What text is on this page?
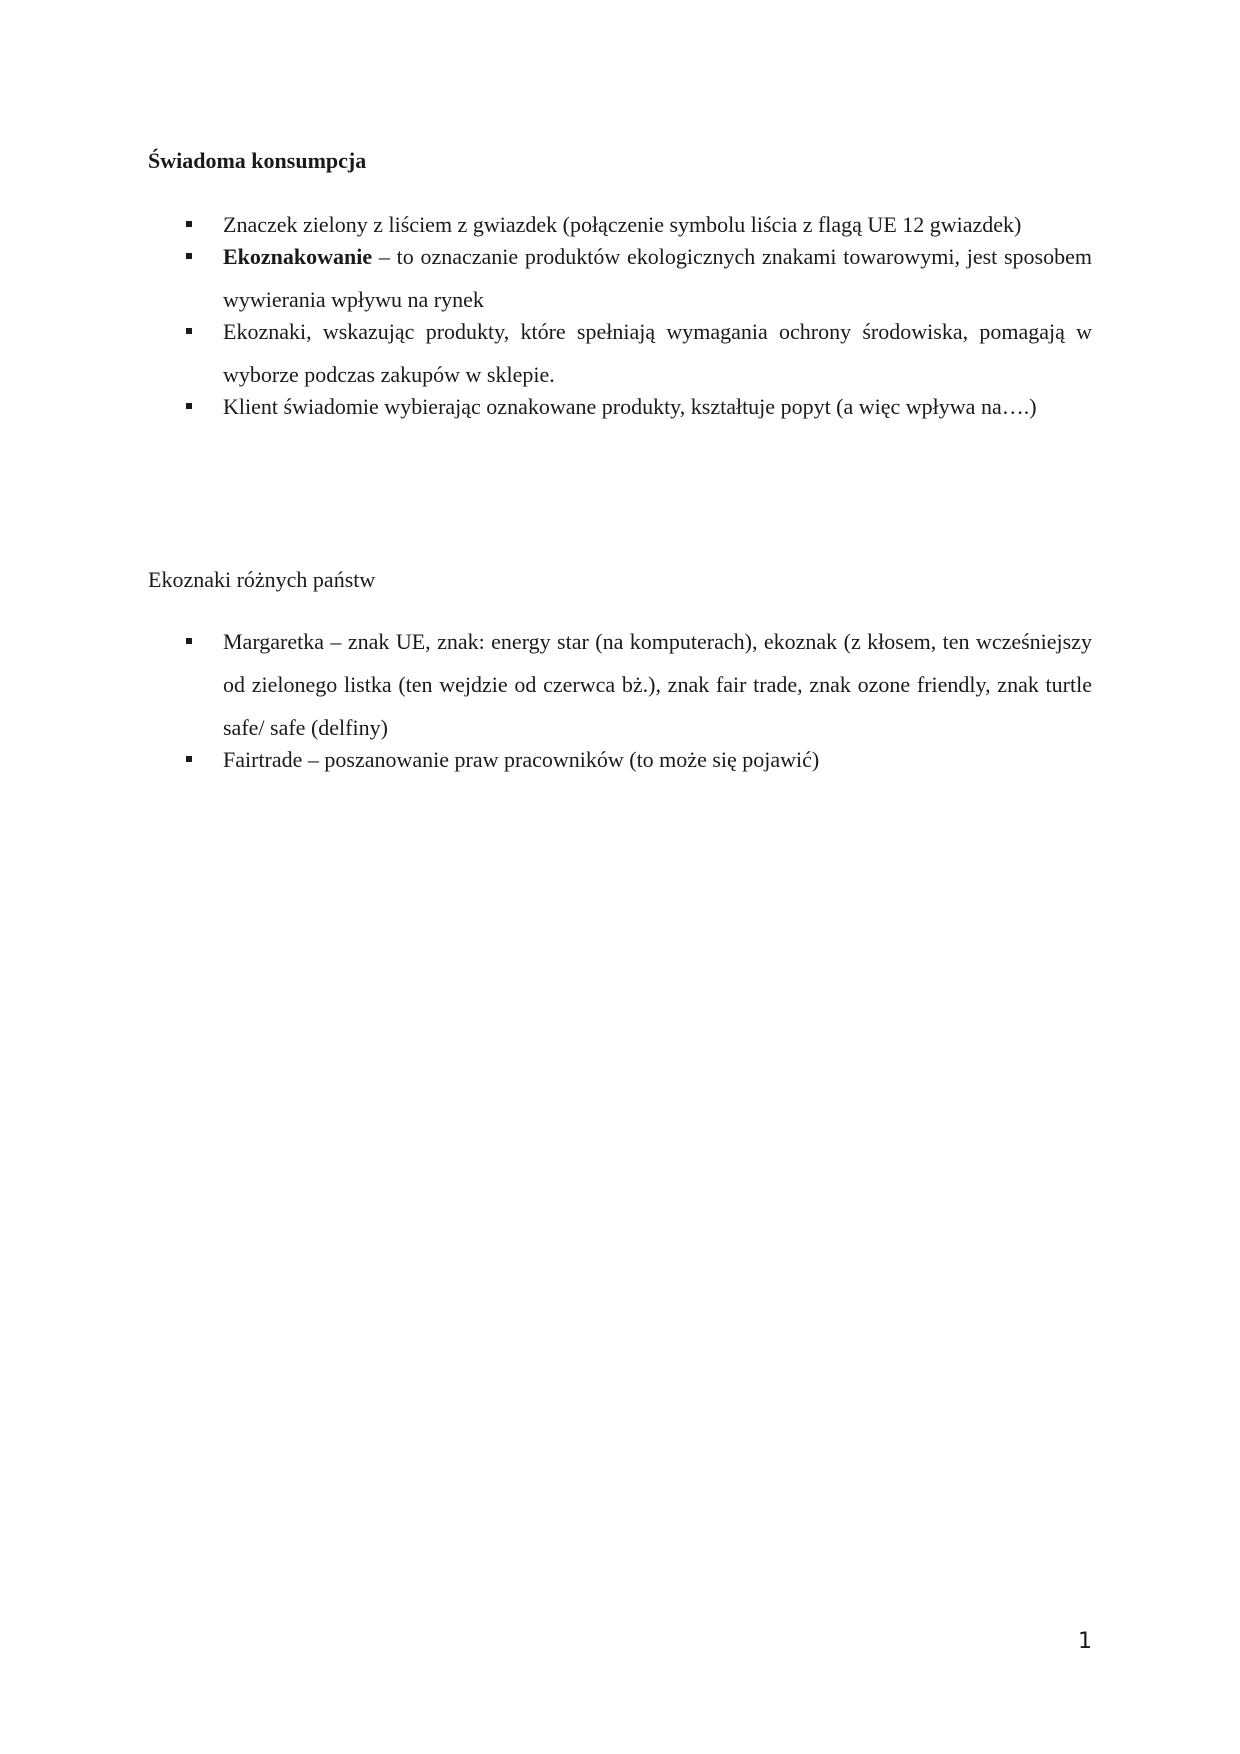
Świadoma konsumpcja
Znaczek zielony z liściem z gwiazdek (połączenie symbolu liścia z flagą UE 12 gwiazdek)
Ekoznakowanie – to oznaczanie produktów ekologicznych znakami towarowymi, jest sposobem wywierania wpływu na rynek
Ekoznaki, wskazując produkty, które spełniają wymagania ochrony środowiska, pomagają w wyborze podczas zakupów w sklepie.
Klient świadomie wybierając oznakowane produkty, kształtuje popyt (a więc wpływa na….)
Ekoznaki różnych państw
Margaretka – znak UE, znak: energy star (na komputerach), ekoznak (z kłosem, ten wcześniejszy od zielonego listka (ten wejdzie od czerwca bż.), znak fair trade, znak ozone friendly, znak turtle safe/ safe (delfiny)
Fairtrade – poszanowanie praw pracowników (to może się pojawić)
1
